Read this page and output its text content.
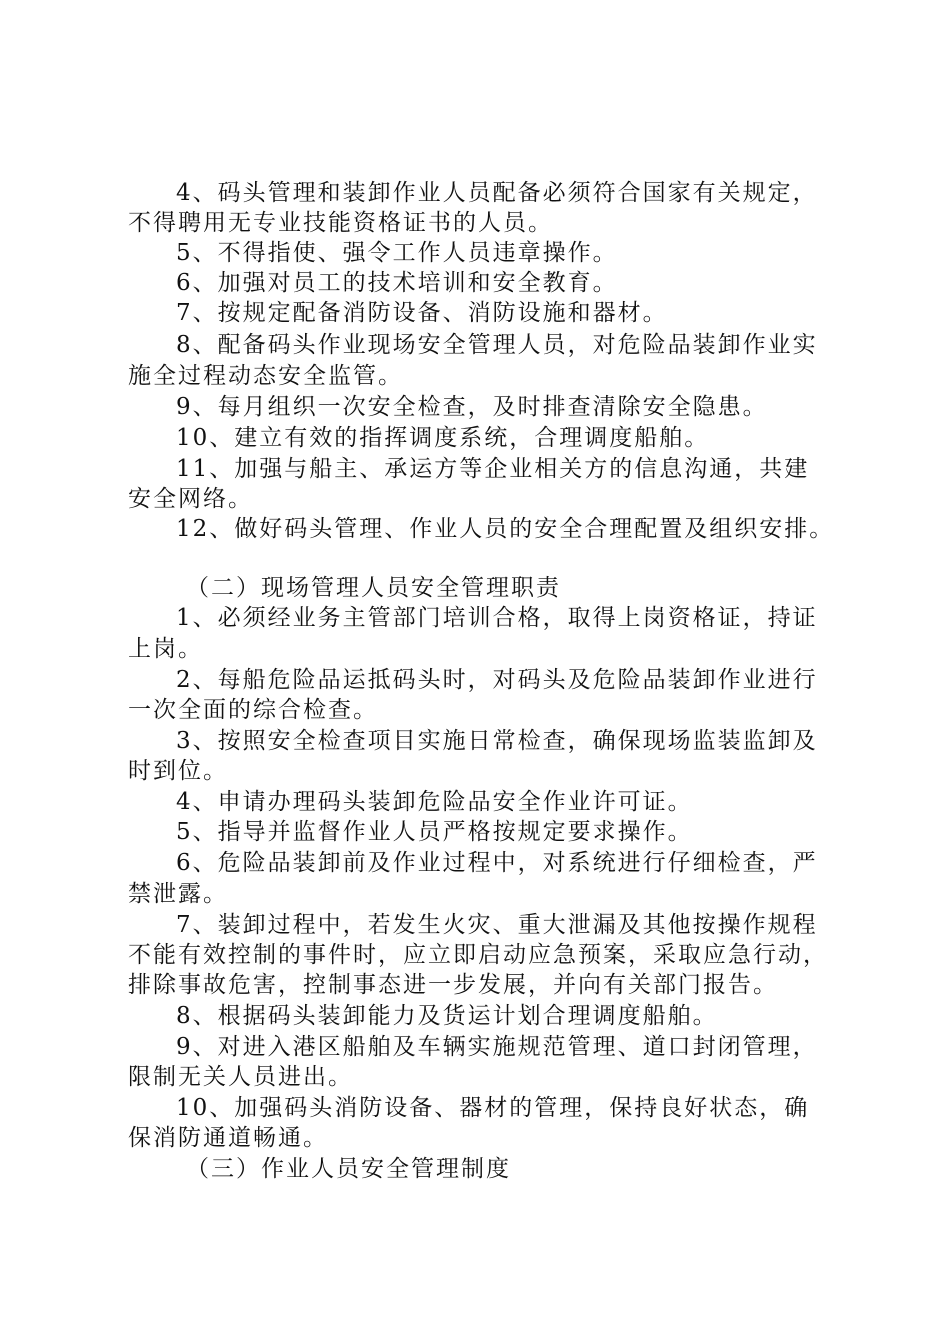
4、码头管理和装卸作业人员配备必须符合国家有关规定，
不得聘用无专业技能资格证书的人员。
5、不得指使、强令工作人员违章操作。
6、加强对员工的技术培训和安全教育。
7、按规定配备消防设备、消防设施和器材。
8、配备码头作业现场安全管理人员，对危险品装卸作业实
施全过程动态安全监管。
9、每月组织一次安全检查，及时排查清除安全隐患。
10、建立有效的指挥调度系统，合理调度船舶。
11、加强与船主、承运方等企业相关方的信息沟通，共建
安全网络。
12、做好码头管理、作业人员的安全合理配置及组织安排。
（二）现场管理人员安全管理职责
1、必须经业务主管部门培训合格，取得上岗资格证，持证
上岗。
2、每船危险品运抵码头时，对码头及危险品装卸作业进行
一次全面的综合检查。
3、按照安全检查项目实施日常检查，确保现场监装监卸及
时到位。
4、申请办理码头装卸危险品安全作业许可证。
5、指导并监督作业人员严格按规定要求操作。
6、危险品装卸前及作业过程中，对系统进行仔细检查，严
禁泄露。
7、装卸过程中，若发生火灾、重大泄漏及其他按操作规程
不能有效控制的事件时，应立即启动应急预案，采取应急行动，
排除事故危害，控制事态进一步发展，并向有关部门报告。
8、根据码头装卸能力及货运计划合理调度船舶。
9、对进入港区船舶及车辆实施规范管理、道口封闭管理，
限制无关人员进出。
10、加强码头消防设备、器材的管理，保持良好状态，确
保消防通道畅通。
（三）作业人员安全管理制度
